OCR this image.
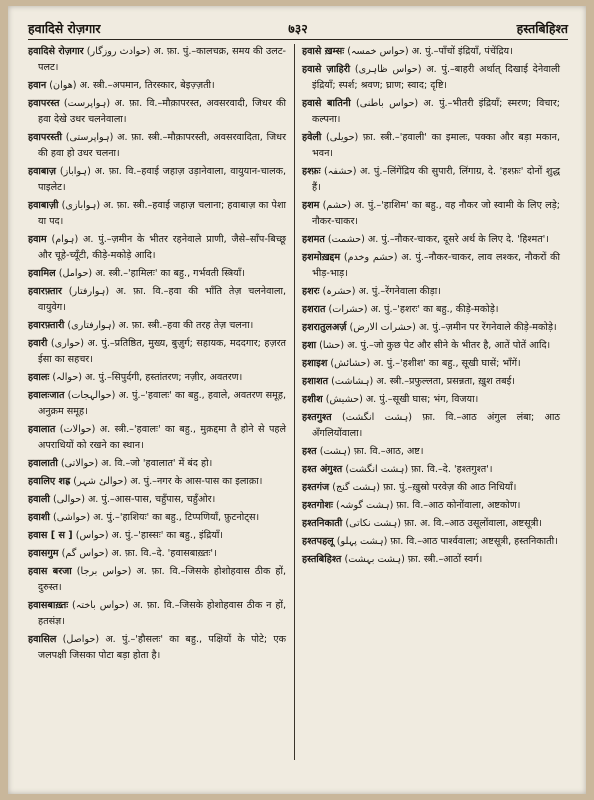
हवादिसे रोज़गार	७३२	हस्तबिहिश्त

हवादिसे रोज़गार (حوادث روزگار) अ. फ़ा. पुं.–कालचक्र, समय की उलट-पलट।

हवान (هوان) अ. स्त्री.–अपमान, तिरस्कार, बेइज़्ज़ती।

हवापरस्त (ہواپرست) अ. फ़ा. वि.–मौक़ापरस्त, अवसरवादी, जिधर की हवा देखे उधर चलनेवाला।

हवापरस्ती (ہواپرستی) अ. फ़ा. स्त्री.–मौक़ापरस्ती, अवसरवादिता, जिधर की हवा हो उधर चलना।

हवाबाज़ (ہواباز) अ. फ़ा. वि.–हवाई जहाज़ उड़ानेवाला, वायुयान-चालक, पाइलेट।

हवाबाज़ी (ہوابازی) अ. फ़ा. स्त्री.–हवाई जहाज़ चलाना; हवाबाज़ का पेशा या पद।

हवाम (ہوام) अ. पुं.–ज़मीन के भीतर रहनेवाले प्राणी, जैसे–साँप-बिच्छू और चूहे-च्यूँटी, कीड़े-मकोड़े आदि।

हवामिल (حوامل) अ. स्त्री.–'हामिलः' का बहु., गर्भवती स्त्रियाँ।

हवारफ़्तार (ہوارفتار) अ. फ़ा. वि.–हवा की भाँति तेज़ चलनेवाला, वायुवेग।

हवारफ़्तारी (ہوارفتاری) अ. फ़ा. स्त्री.–हवा की तरह तेज़ चलना।

हवारी (حواری) अ. पुं.–प्रतिष्ठित, मुख्य, बुज़ुर्ग; सहायक, मददगार; हज़रत ईसा का सहचर।

हवालः (حوالہ) अ. पुं.–सिपुर्दगी, हस्तांतरण; नज़ीर, अवतरण।

हवालःजात (حوالہجات) अ. पुं.–'हवालः' का बहु., हवाले, अवतरण समूह, अनुक्रम समूह।

हवालात (حوالات) अ. स्त्री.–'हवालः' का बहु., मुक़द्दमा तै होने से पहले अपराधियों को रखने का स्थान।

हवालाती (حوالاتی) अ. वि.–जो 'हवालात' में बंद हो।

हवालिए शह्र (حوالیٔ شہر) अ. पुं.–नगर के आस-पास का इलाक़ा।

हवाली (حوالی) अ. पुं.–आस-पास, चहुँपास, चहुँओर।

हवाशी (حواشی) अ. पुं.–'हाशियः' का बहु., टिप्पणियाँ, फ़ुटनोट्स।

हवास [ स ] (حواس) अ. पुं.–'हास्सः' का बहु., इंद्रियाँ।

हवासगुम (حواس گم) अ. फ़ा. वि.–दे. 'हवासबाख़्तः'।

हवास बरजा (حواس برجا) अ. फ़ा. वि.–जिसके होशोहवास ठीक हों, दुरुस्त।

हवासबाख़्तः (حواس باختہ) अ. फ़ा. वि.–जिसके होशोहवास ठीक न हों, हतसंज्ञ।

हवासिल (حواصل) अ. पुं.–'हौसलः' का बहु., पक्षियों के पोटे; एक जलपक्षी जिसका पोटा बड़ा होता है।

हवासे ख़म्सः (حواس خمسہ) अ. पुं.–पाँचों इंद्रियाँ, पंचेंद्रिय।

हवासे ज़ाहिरी (حواس ظاہری) अ. पुं.–बाहरी अर्थात् दिखाई देनेवाली इंद्रियाँ; स्पर्श; श्रवण; घ्राण; स्वाद; दृष्टि।

हवासे बातिनी (حواس باطنی) अ. पुं.–भीतरी इंद्रियाँ; स्मरण; विचार; कल्पना।

हवेली (حویلی) फ़ा. स्त्री.–'हवाली' का इमालः, पक्का और बड़ा मकान, भवन।

हश्फ़ः (حشفہ) अ. पुं.–लिंगेंद्रिय की सुपारी, लिंगाग्र, दे. 'हश्फ़ः' दोनों शुद्ध हैं।

हशम (حشم) अ. पुं.–'हाशिम' का बहु., वह नौकर जो स्वामी के लिए लड़े; नौकर-चाकर।

हशमत (حشمت) अ. पुं.–नौकर-चाकर, दूसरे अर्थ के लिए दे. 'हिश्मत'।

हशमोख़द्दम (حشم وخدم) अ. पुं.–नौकर-चाकर, लाव लश्कर, नौकरों की भीड़-भाड़।

हशरः (حشرہ) अ. पुं.–रेंगनेवाला कीड़ा।

हशरात (حشرات) अ. पुं.–'हशरः' का बहु., कीड़े-मकोड़े।

हशरातुलअर्ज़ (حشرات الارض) अ. पुं.–ज़मीन पर रेंगनेवाले कीड़े-मकोड़े।

हशा (حشا) अ. पुं.–जो कुछ पेट और सीने के भीतर है, आतें पोतें आदि।

हशाइश (حشائش) अ. पुं.–'हशीश' का बहु., सूखी घासें; भाँगें।

हशाशत (ہشاشت) अ. स्त्री.–प्रफुल्लता, प्रसन्नता, ख़ुश तबई।

हशीश (حشیش) अ. पुं.–सूखी घास; भंग, विजया।

हश्तगुश्त (ہشت انگشت) फ़ा. वि.–आठ अंगुल लंबा; आठ अँगलियोंवाला।

हश्त (ہشت) फ़ा. वि.–आठ, अष्ट।

हश्त अंगुश्त (ہشت انگشت) फ़ा. वि.–दे. 'हश्तगुश्त'।

हश्तगंज (ہشت گنج) फ़ा. पुं.–ख़ुस्रो परवेज़ की आठ निधियाँ।

हश्तगोशः (ہشت گوشہ) फ़ा. वि.–आठ कोनोंवाला, अष्टकोण।

हश्तनिकाती (ہشت نکاتی) फ़ा. अ. वि.–आठ उसूलोंवाला, अष्टसूत्री।

हश्तपहलू (ہشت پہلو) फ़ा. वि.–आठ पार्श्ववाला; अष्टसूत्री, हस्तनिकाती।

हस्तबिहिश्त (ہشت بہشت) फ़ा. स्त्री.–आठों स्वर्ग।
